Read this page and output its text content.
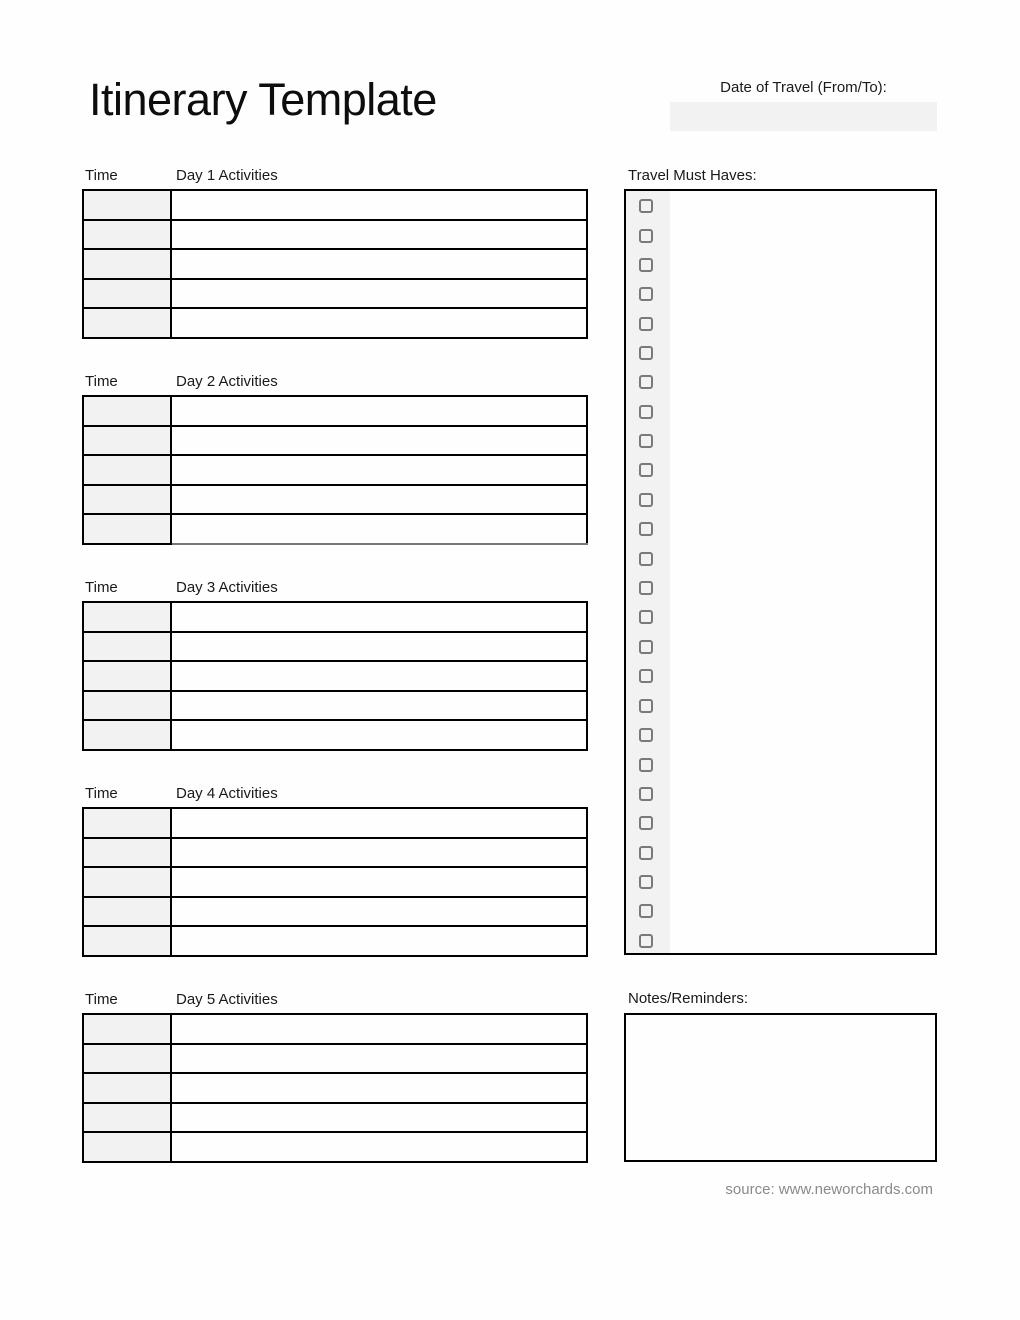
Itinerary Template	Date of Travel (From/To):
Time	Day 1 Activities
Time	Day 2 Activities
Time	Day 3 Activities
Time	Day 4 Activities
Time	Day 5 Activities
Travel Must Haves:
Notes/Reminders:
source: www.neworchards.com
